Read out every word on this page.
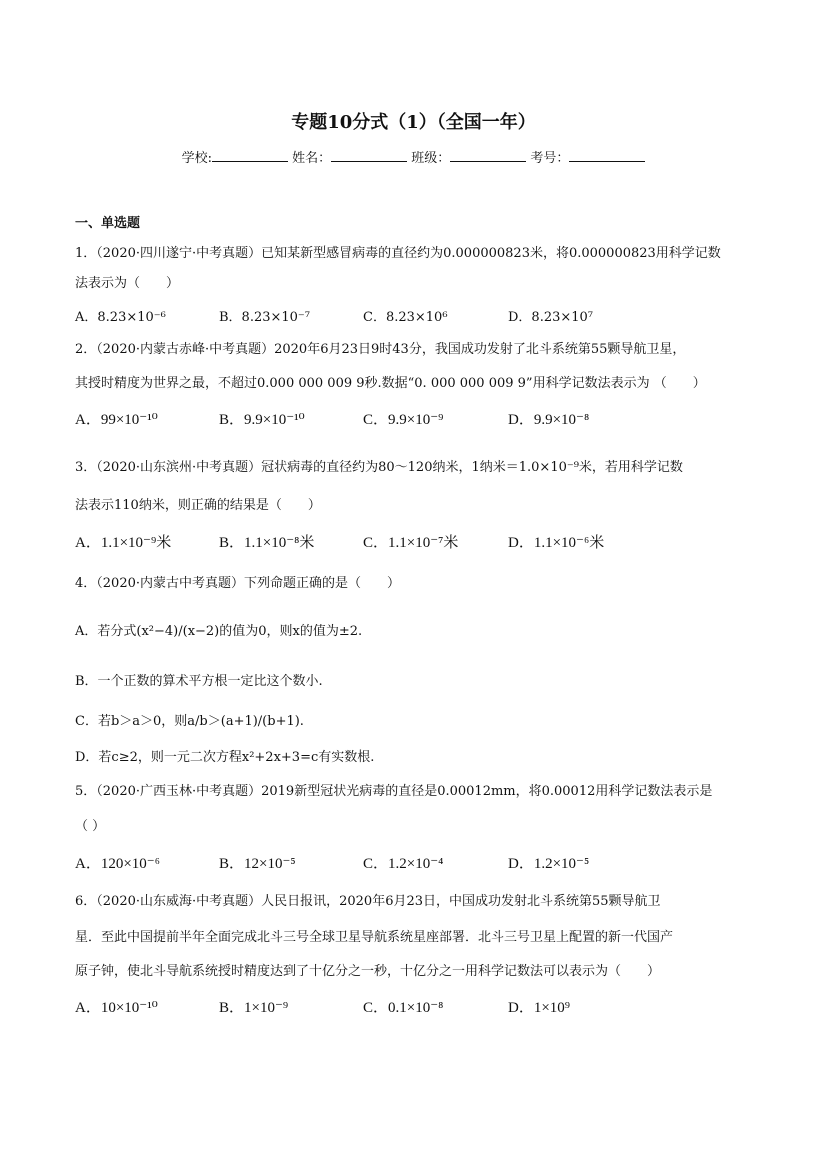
专题10分式（1）（全国一年）
学校:	姓名：	班级：	考号：
一、单选题
1．（2020·四川遂宁·中考真题）已知某新型感冒病毒的直径约为0.000000823米，将0.000000823用科学记数
法表示为（　　）
A．8.23×10⁻⁶	B．8.23×10⁻⁷	C．8.23×10⁶	D．8.23×10⁷
2．（2020·内蒙古赤峰·中考真题）2020年6月23日9时43分，我国成功发射了北斗系统第55颗导航卫星，
其授时精度为世界之最，不超过0.000 000 009 9秒.数据“0. 000 000 009 9”用科学记数法表示为 （　　）
A．99×10⁻¹⁰	B．9.9×10⁻¹⁰	C．9.9×10⁻⁹	D．9.9×10⁻⁸
3．（2020·山东滨州·中考真题）冠状病毒的直径约为80～120纳米，1纳米＝1.0×10⁻⁹米，若用科学记数
法表示110纳米，则正确的结果是（　　）
A．1.1×10⁻⁹米	B．1.1×10⁻⁸米	C．1.1×10⁻⁷米	D．1.1×10⁻⁶米
4．（2020·内蒙古中考真题）下列命题正确的是（　　）
A．若分式(x²−4)/(x−2)的值为0，则x的值为±2.
B．一个正数的算术平方根一定比这个数小.
C．若b＞a＞0，则a/b＞(a+1)/(b+1).
D．若c≥2，则一元二次方程x²+2x+3=c有实数根.
5．（2020·广西玉林·中考真题）2019新型冠状光病毒的直径是0.00012mm，将0.00012用科学记数法表示是
（ ）
A．120×10⁻⁶	B．12×10⁻⁵	C．1.2×10⁻⁴	D．1.2×10⁻⁵
6．（2020·山东威海·中考真题）人民日报讯，2020年6月23日，中国成功发射北斗系统第55颗导航卫
星．至此中国提前半年全面完成北斗三号全球卫星导航系统星座部署．北斗三号卫星上配置的新一代国产
原子钟，使北斗导航系统授时精度达到了十亿分之一秒，十亿分之一用科学记数法可以表示为（　　）
A．10×10⁻¹⁰	B．1×10⁻⁹	C．0.1×10⁻⁸	D．1×10⁹
